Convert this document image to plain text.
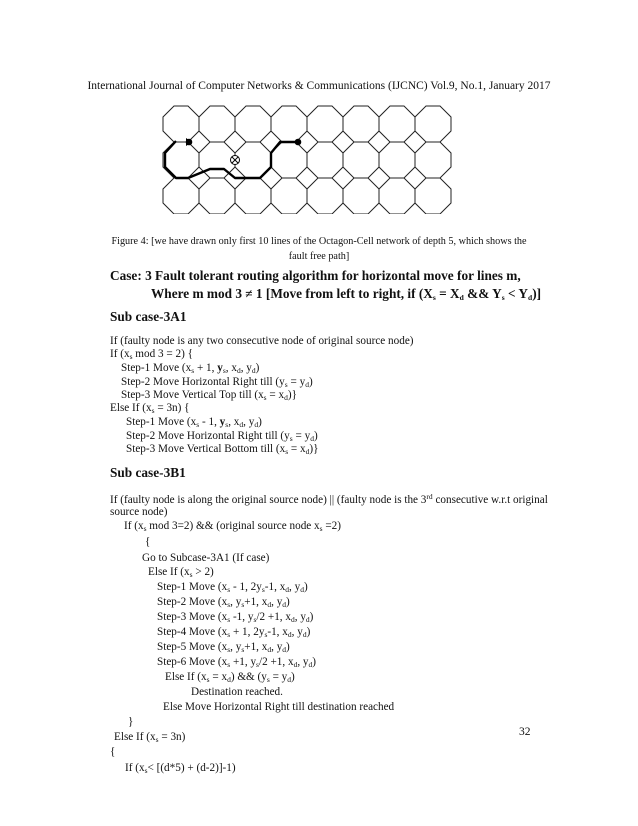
International Journal of Computer Networks & Communications (IJCNC) Vol.9, No.1, January 2017
Figure 4: [we have drawn only first 10 lines of the Octagon-Cell network of depth 5, which shows the fault free path]
Case: 3 Fault tolerant routing algorithm for horizontal move for lines m,
Where m mod 3 ≠ 1 [Move from left to right, if ($X_s = X_d$ && $Y_s < Y_d$)]
Sub case-3A1
If (faulty node is any two consecutive node of original source node)
If ($x_s$ mod 3 = 2) {
Step-1 Move ($x_s + 1$, $y_s$, $x_d$, $y_d$)
Step-2 Move Horizontal Right till $(y_s = y_d)$
Step-3 Move Vertical Top till $(x_s = x_d)$}
Else If $(x_s = 3n)$ {
Step-1 Move ($x_s - 1$, $y_s$, $x_d$, $y_d$)
Step-2 Move Horizontal Right till $(y_s = y_d)$
Step-3 Move Vertical Bottom till $(x_s = x_d)$}
Sub case-3B1
If (faulty node is along the original source node) || (faulty node is the 3rd consecutive w.r.t original
source node)
If ($x_s$ mod 3=2) && (original source node $x_s =2$)
{
Go to Subcase-3A1 (If case)
Else If $(x_s > 2)$
Step-1 Move ($x_s - 1$, $2y_s-1$, $x_d$, $y_d$)
Step-2 Move ($x_s$, $y_s+1$, $x_d$, $y_d$)
Step-3 Move ($x_s$ -1, $y_s/2 +1$, $x_d$, $y_d$)
Step-4 Move ($x_s + 1$, $2y_s-1$, $x_d$, $y_d$)
Step-5 Move ($x_s$, $y_s+1$, $x_d$, $y_d$)
Step-6 Move ($x_s +1$, $y_s/2 +1$, $x_d$, $y_d$)
Else If $(x_s = x_d)$ && $(y_s = y_d)$
Destination reached.
Else Move Horizontal Right till destination reached
}
Else If $(x_s = 3n)$
{
If $(x_s< [(d*5) + (d-2)]-1)$
32
